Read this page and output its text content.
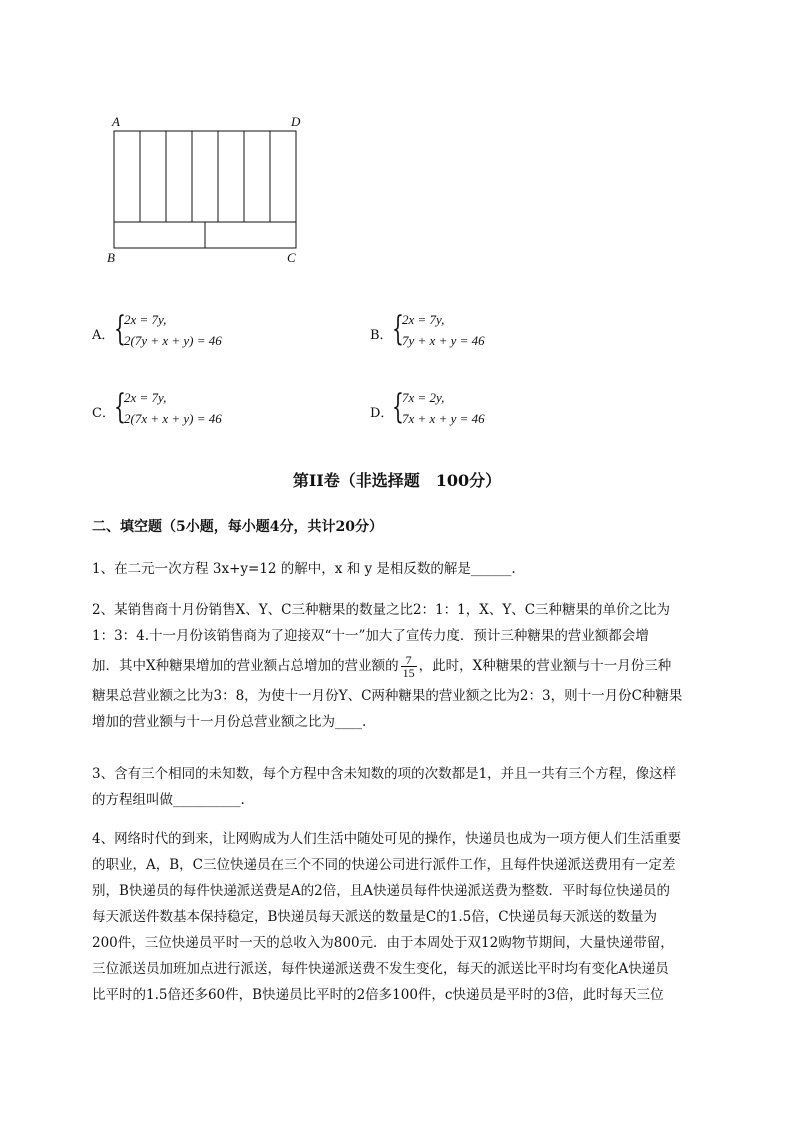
A	D
B	C
A． {
2x = 7y,
2(7y + x + y) = 46	B． {
2x = 7y,
7y + x + y = 46
C． {
2x = 7y,
2(7x + x + y) = 46	D．
{
7x = 2y,
7x + x + y = 46
第II卷（非选择题　100分）
二、填空题（5小题，每小题4分，共计20分）
1、在二元一次方程 3x+y=12 的解中，x 和 y 是相反数的解是______.
2、某销售商十月份销售X、Y、C三种糖果的数量之比2：1：1，X、Y、C三种糖果的单价之比为
1：3：4.十一月份该销售商为了迎接双“十一”加大了宣传力度．预计三种糖果的营业额都会增
加．其中X种糖果增加的营业额占总增加的营业额的 $\frac{7}{15}$ ，此时，X种糖果的营业额与十一月份三种
糖果总营业额之比为3：8，为使十一月份Y、C两种糖果的营业额之比为2：3，则十一月份C种糖果
增加的营业额与十一月份总营业额之比为____.
3、含有三个相同的未知数，每个方程中含未知数的项的次数都是1，并且一共有三个方程，像这样
的方程组叫做__________.
4、网络时代的到来，让网购成为人们生活中随处可见的操作，快递员也成为一项方便人们生活重要
的职业，A，B，C三位快递员在三个不同的快递公司进行派件工作，且每件快递派送费用有一定差
别，B快递员的每件快递派送费是A的2倍，且A快递员每件快递派送费为整数．平时每位快递员的
每天派送件数基本保持稳定，B快递员每天派送的数量是C的1.5倍，C快递员每天派送的数量为
200件，三位快递员平时一天的总收入为800元．由于本周处于双12购物节期间，大量快递带留，
三位派送员加班加点进行派送，每件快递派送费不发生变化，每天的派送比平时均有变化A快递员
比平时的1.5倍还多60件，B快递员比平时的2倍多100件，c快递员是平时的3倍，此时每天三位
